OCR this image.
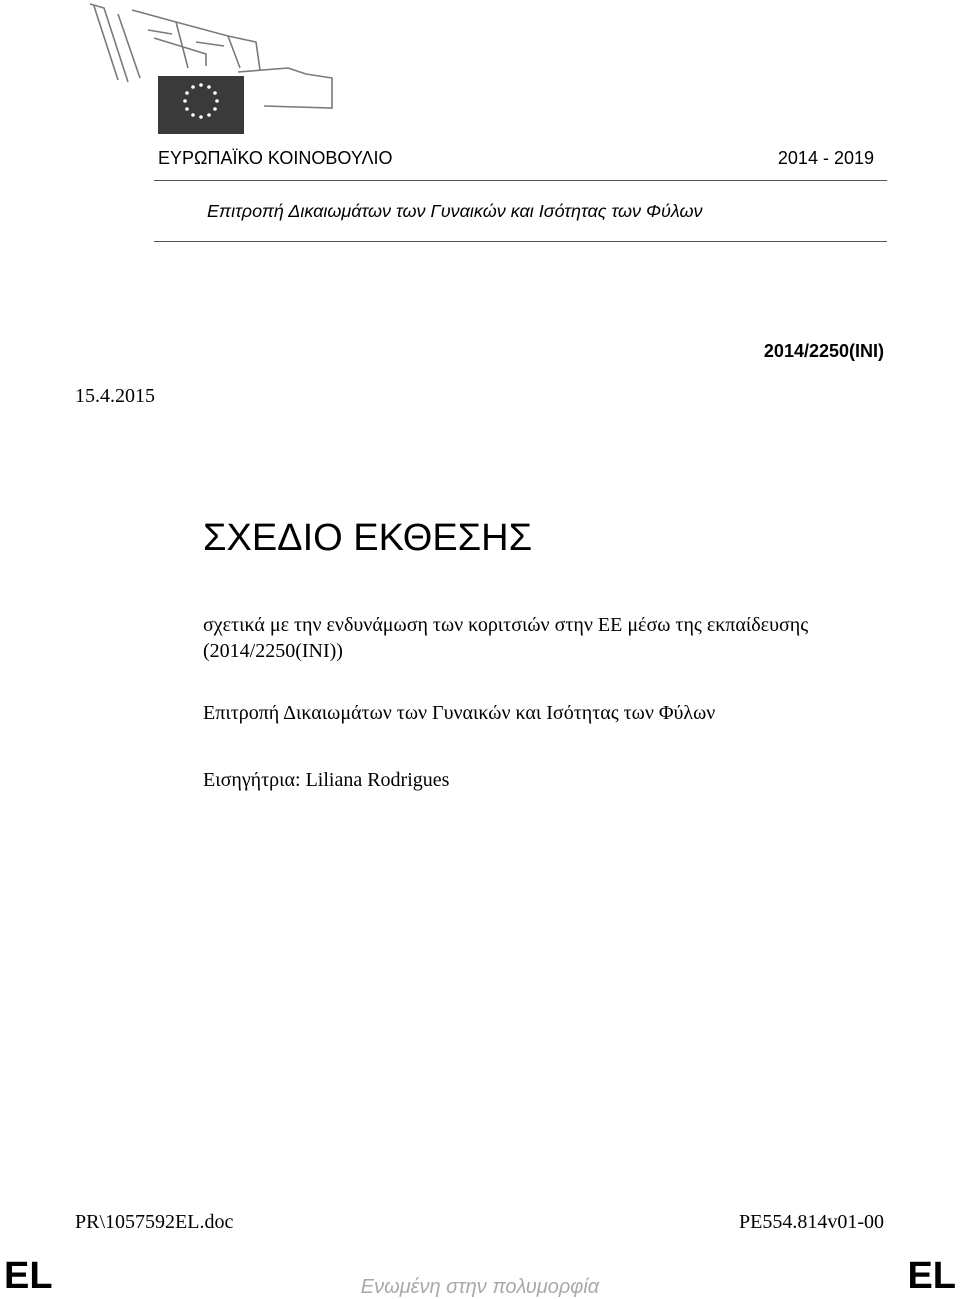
ΕΥΡΩΠΑΪΚΟ ΚΟΙΝΟΒΟΥΛΙΟ	2014 - 2019
Επιτροπή Δικαιωμάτων των Γυναικών και Ισότητας των Φύλων
2014/2250(INI)
15.4.2015
ΣΧΕΔΙΟ ΕΚΘΕΣΗΣ
σχετικά με την ενδυνάμωση των κοριτσιών στην ΕΕ μέσω της εκπαίδευσης (2014/2250(INI))
Επιτροπή Δικαιωμάτων των Γυναικών και Ισότητας των Φύλων
Εισηγήτρια: Liliana Rodrigues
PR\1057592EL.doc	PE554.814v01-00
EL	Ενωμένη στην πολυμορφία	EL
